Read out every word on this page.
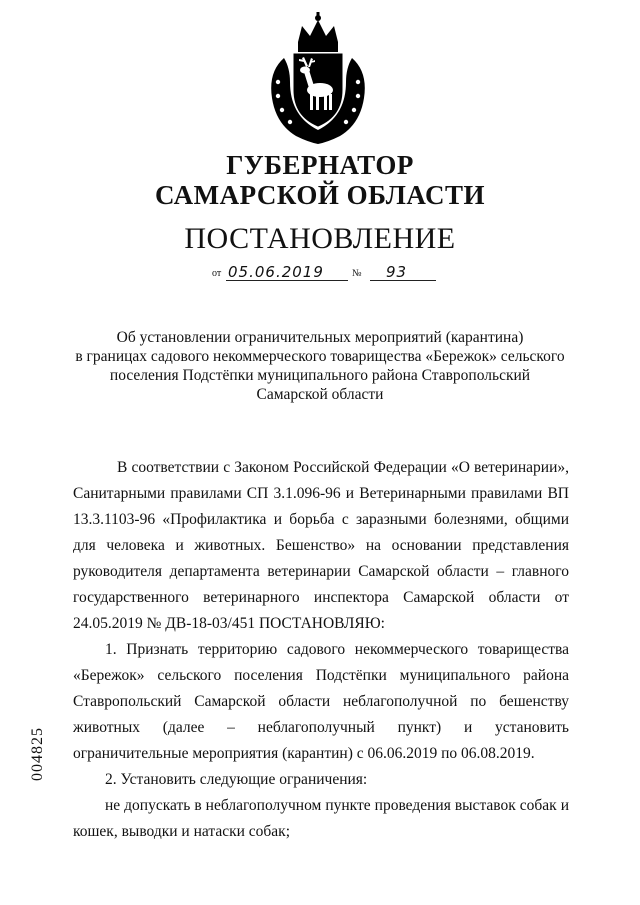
ГУБЕРНАТОР
САМАРСКОЙ ОБЛАСТИ
ПОСТАНОВЛЕНИЕ
от 05.06.2019	№ 93
Об установлении ограничительных мероприятий (карантина)
в границах садового некоммерческого товарищества «Бережок» сельского
поселения Подстёпки муниципального района Ставропольский
Самарской области

В соответствии с Законом Российской Федерации «О ветеринарии», Санитарными правилами СП 3.1.096-96 и Ветеринарными правилами ВП 13.3.1103-96 «Профилактика и борьба с заразными болезнями, общими для человека и животных. Бешенство» на основании представления руководителя департамента ветеринарии Самарской области – главного государственного ветеринарного инспектора Самарской области от 24.05.2019 № ДВ-18-03/451 ПОСТАНОВЛЯЮ:

1. Признать территорию садового некоммерческого товарищества «Бережок» сельского поселения Подстёпки муниципального района Ставропольский Самарской области неблагополучной по бешенству животных (далее – неблагополучный пункт) и установить ограничительные мероприятия (карантин) с 06.06.2019 по 06.08.2019.

2. Установить следующие ограничения:

не допускать в неблагополучном пункте проведения выставок собак и кошек, выводки и натаски собак;

004825
